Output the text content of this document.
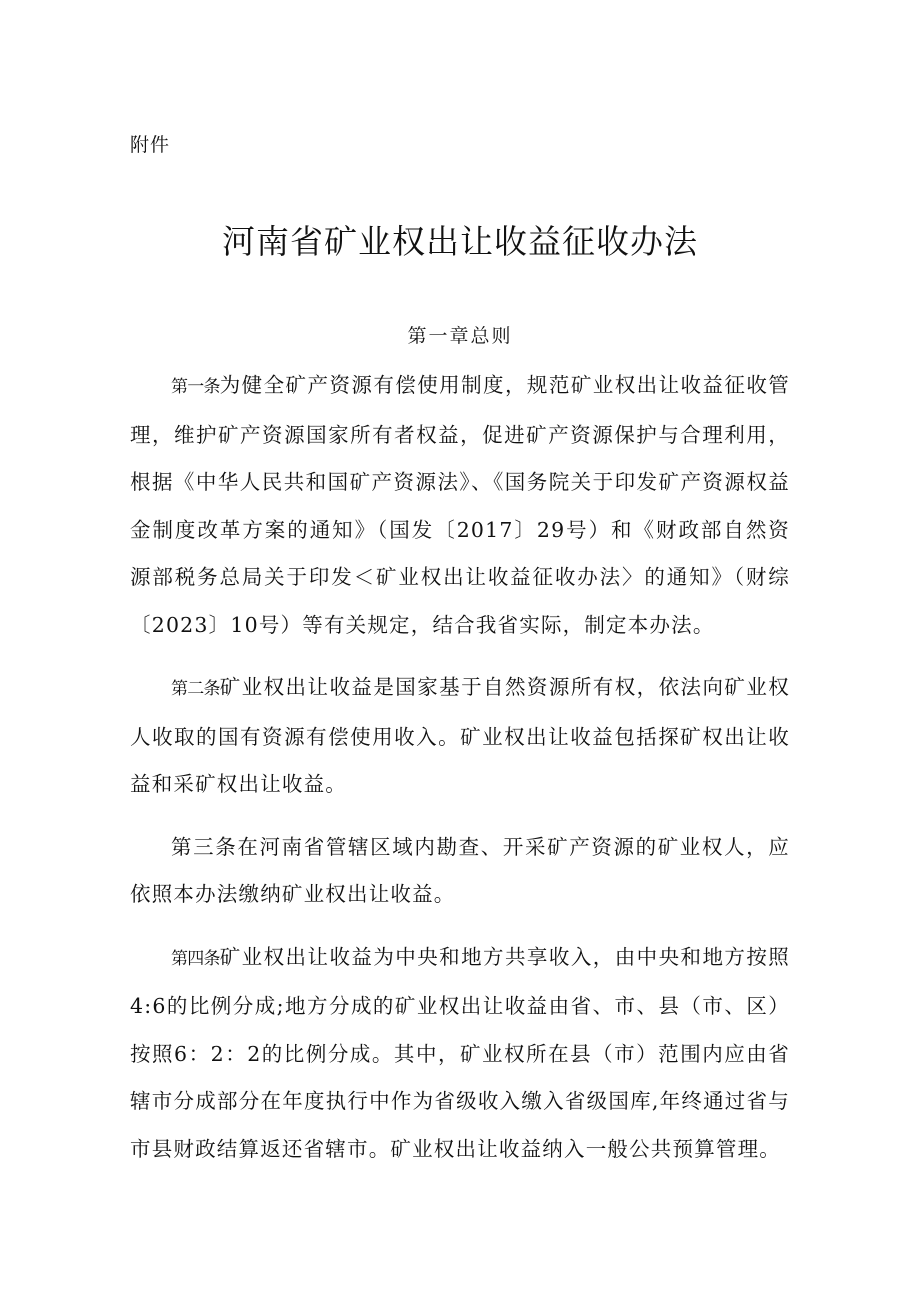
附件
河南省矿业权出让收益征收办法
第一章总则

第一条为健全矿产资源有偿使用制度，规范矿业权出让收益征收管理，维护矿产资源国家所有者权益，促进矿产资源保护与合理利用，根据《中华人民共和国矿产资源法》、《国务院关于印发矿产资源权益金制度改革方案的通知》（国发〔2017〕29号）和《财政部自然资源部税务总局关于印发＜矿业权出让收益征收办法〉的通知》（财综〔2023〕10号）等有关规定，结合我省实际，制定本办法。

第二条矿业权出让收益是国家基于自然资源所有权，依法向矿业权人收取的国有资源有偿使用收入。矿业权出让收益包括探矿权出让收益和采矿权出让收益。

第三条在河南省管辖区域内勘查、开采矿产资源的矿业权人，应依照本办法缴纳矿业权出让收益。

第四条矿业权出让收益为中央和地方共享收入，由中央和地方按照4:6的比例分成;地方分成的矿业权出让收益由省、市、县（市、区）按照6：2：2的比例分成。其中，矿业权所在县（市）范围内应由省辖市分成部分在年度执行中作为省级收入缴入省级国库,年终通过省与市县财政结算返还省辖市。矿业权出让收益纳入一般公共预算管理。
